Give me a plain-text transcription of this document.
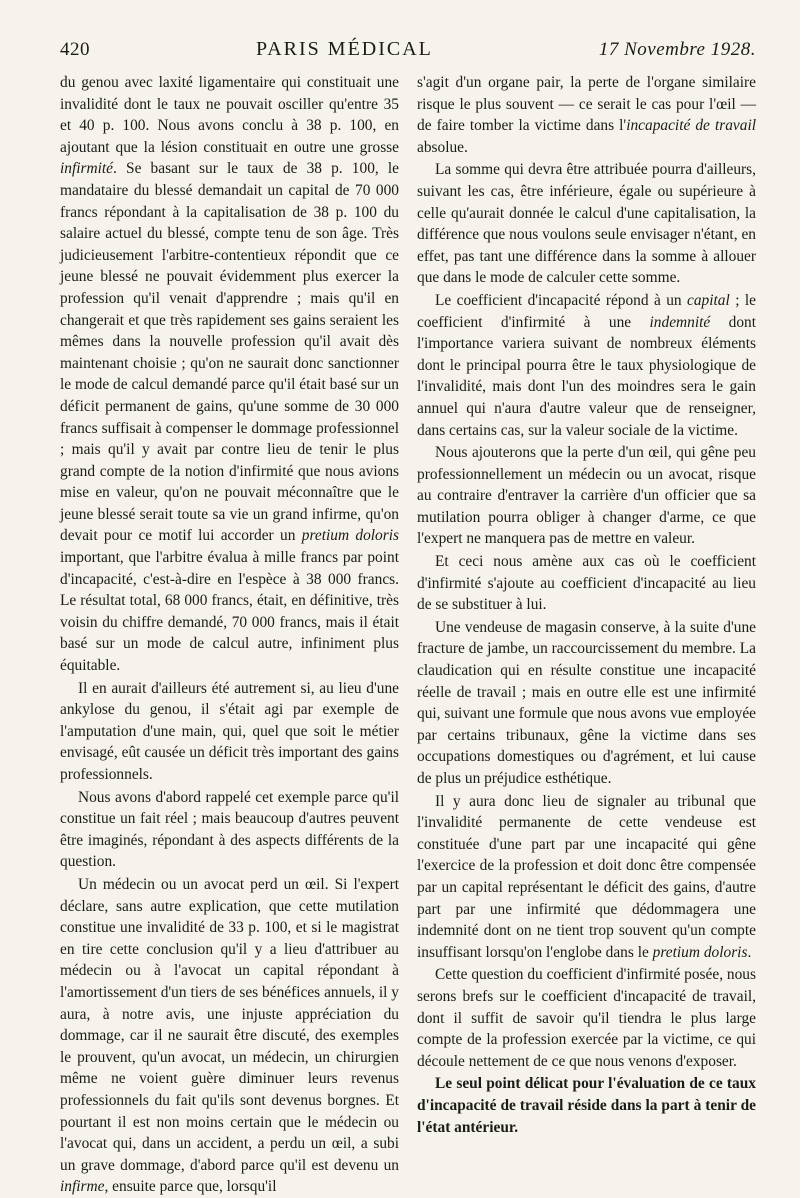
420	PARIS MÉDICAL	17 Novembre 1928.

du genou avec laxité ligamentaire qui constituait une invalidité dont le taux ne pouvait osciller qu'entre 35 et 40 p. 100. Nous avons conclu à 38 p. 100, en ajoutant que la lésion constituait en outre une grosse infirmité. Se basant sur le taux de 38 p. 100, le mandataire du blessé demandait un capital de 70 000 francs répondant à la capitalisation de 38 p. 100 du salaire actuel du blessé, compte tenu de son âge. Très judicieusement l'arbitre-contentieux répondit que ce jeune blessé ne pouvait évidemment plus exercer la profession qu'il venait d'apprendre ; mais qu'il en changerait et que très rapidement ses gains seraient les mêmes dans la nouvelle profession qu'il avait dès maintenant choisie ; qu'on ne saurait donc sanctionner le mode de calcul demandé parce qu'il était basé sur un déficit permanent de gains, qu'une somme de 30 000 francs suffisait à compenser le dommage professionnel ; mais qu'il y avait par contre lieu de tenir le plus grand compte de la notion d'infirmité que nous avions mise en valeur, qu'on ne pouvait méconnaître que le jeune blessé serait toute sa vie un grand infirme, qu'on devait pour ce motif lui accorder un pretium doloris important, que l'arbitre évalua à mille francs par point d'incapacité, c'est-à-dire en l'espèce à 38 000 francs. Le résultat total, 68 000 francs, était, en définitive, très voisin du chiffre demandé, 70 000 francs, mais il était basé sur un mode de calcul autre, infiniment plus équitable.

Il en aurait d'ailleurs été autrement si, au lieu d'une ankylose du genou, il s'était agi par exemple de l'amputation d'une main, qui, quel que soit le métier envisagé, eût causée un déficit très important des gains professionnels.

Nous avons d'abord rappelé cet exemple parce qu'il constitue un fait réel ; mais beaucoup d'autres peuvent être imaginés, répondant à des aspects différents de la question.

Un médecin ou un avocat perd un œil. Si l'expert déclare, sans autre explication, que cette mutilation constitue une invalidité de 33 p. 100, et si le magistrat en tire cette conclusion qu'il y a lieu d'attribuer au médecin ou à l'avocat un capital répondant à l'amortissement d'un tiers de ses bénéfices annuels, il y aura, à notre avis, une injuste appréciation du dommage, car il ne saurait être discuté, des exemples le prouvent, qu'un avocat, un médecin, un chirurgien même ne voient guère diminuer leurs revenus professionnels du fait qu'ils sont devenus borgnes. Et pourtant il est non moins certain que le médecin ou l'avocat qui, dans un accident, a perdu un œil, a subi un grave dommage, d'abord parce qu'il est devenu un infirme, ensuite parce que, lorsqu'il

s'agit d'un organe pair, la perte de l'organe similaire risque le plus souvent — ce serait le cas pour l'œil — de faire tomber la victime dans l'incapacité de travail absolue.

La somme qui devra être attribuée pourra d'ailleurs, suivant les cas, être inférieure, égale ou supérieure à celle qu'aurait donnée le calcul d'une capitalisation, la différence que nous voulons seule envisager n'étant, en effet, pas tant une différence dans la somme à allouer que dans le mode de calculer cette somme.

Le coefficient d'incapacité répond à un capital ; le coefficient d'infirmité à une indemnité dont l'importance variera suivant de nombreux éléments dont le principal pourra être le taux physiologique de l'invalidité, mais dont l'un des moindres sera le gain annuel qui n'aura d'autre valeur que de renseigner, dans certains cas, sur la valeur sociale de la victime.

Nous ajouterons que la perte d'un œil, qui gêne peu professionnellement un médecin ou un avocat, risque au contraire d'entraver la carrière d'un officier que sa mutilation pourra obliger à changer d'arme, ce que l'expert ne manquera pas de mettre en valeur.

Et ceci nous amène aux cas où le coefficient d'infirmité s'ajoute au coefficient d'incapacité au lieu de se substituer à lui.

Une vendeuse de magasin conserve, à la suite d'une fracture de jambe, un raccourcissement du membre. La claudication qui en résulte constitue une incapacité réelle de travail ; mais en outre elle est une infirmité qui, suivant une formule que nous avons vue employée par certains tribunaux, gêne la victime dans ses occupations domestiques ou d'agrément, et lui cause de plus un préjudice esthétique.

Il y aura donc lieu de signaler au tribunal que l'invalidité permanente de cette vendeuse est constituée d'une part par une incapacité qui gêne l'exercice de la profession et doit donc être compensée par un capital représentant le déficit des gains, d'autre part par une infirmité que dédommagera une indemnité dont on ne tient trop souvent qu'un compte insuffisant lorsqu'on l'englobe dans le pretium doloris.

Cette question du coefficient d'infirmité posée, nous serons brefs sur le coefficient d'incapacité de travail, dont il suffit de savoir qu'il tiendra le plus large compte de la profession exercée par la victime, ce qui découle nettement de ce que nous venons d'exposer.

Le seul point délicat pour l'évaluation de ce taux d'incapacité de travail réside dans la part à tenir de l'état antérieur.
